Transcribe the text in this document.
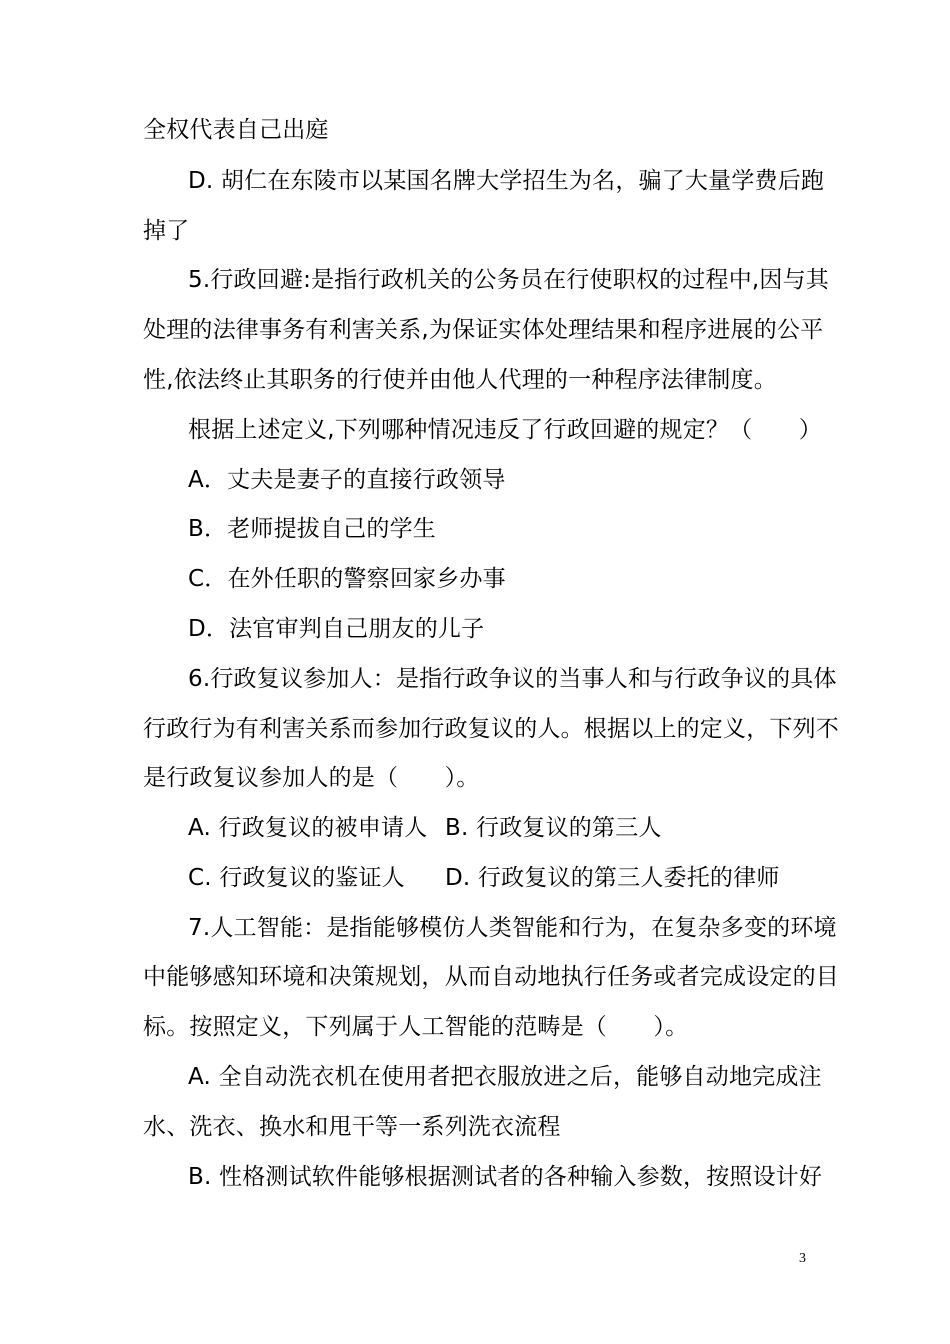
全权代表自己出庭
D. 胡仁在东陵市以某国名牌大学招生为名，骗了大量学费后跑
掉了
5.行政回避:是指行政机关的公务员在行使职权的过程中,因与其
处理的法律事务有利害关系,为保证实体处理结果和程序进展的公平
性,依法终止其职务的行使并由他人代理的一种程序法律制度。
根据上述定义,下列哪种情况违反了行政回避的规定？（　　）
A．丈夫是妻子的直接行政领导
B．老师提拔自己的学生
C．在外任职的警察回家乡办事
D．法官审判自己朋友的儿子
6.行政复议参加人：是指行政争议的当事人和与行政争议的具体
行政行为有利害关系而参加行政复议的人。根据以上的定义，下列不
是行政复议参加人的是（　　）。
A. 行政复议的被申请人 B. 行政复议的第三人
C. 行政复议的鉴证人 D. 行政复议的第三人委托的律师
7.人工智能：是指能够模仿人类智能和行为，在复杂多变的环境
中能够感知环境和决策规划，从而自动地执行任务或者完成设定的目
标。按照定义，下列属于人工智能的范畴是（　　）。
A. 全自动洗衣机在使用者把衣服放进之后，能够自动地完成注
水、洗衣、换水和甩干等一系列洗衣流程
B. 性格测试软件能够根据测试者的各种输入参数，按照设计好
3
